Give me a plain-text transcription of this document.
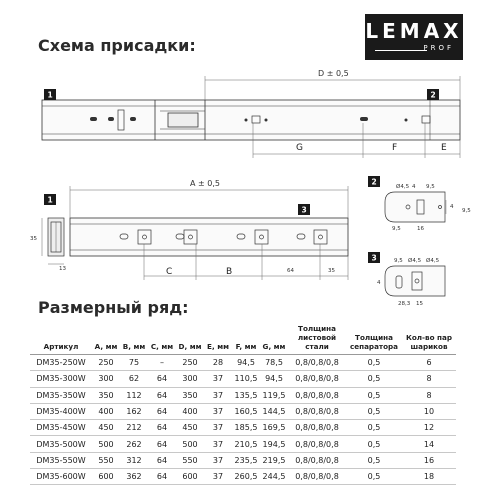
Схема присадки:
LEMAX
PROF
D ± 0,5
G	F	E
1	2
1
35
13
3
A ± 0,5
C	B	64	35
2
Ø4,5 4 9,5
9,5	16
9,5
4
3	9,5 Ø4,5 Ø4,5
4
28,3 15
Размерный ряд:
Артикул	A, мм	B, мм	C, мм	D, мм	E, мм	F, мм	G, мм	Толщина листовой стали	Толщина сепаратора	Кол-во пар шариков
DM35-250W	250	75	–	250	28	94,5	78,5	0,8/0,8/0,8	0,5	6
DM35-300W	300	62	64	300	37	110,5	94,5	0,8/0,8/0,8	0,5	8
DM35-350W	350	112	64	350	37	135,5	119,5	0,8/0,8/0,8	0,5	8
DM35-400W	400	162	64	400	37	160,5	144,5	0,8/0,8/0,8	0,5	10
DM35-450W	450	212	64	450	37	185,5	169,5	0,8/0,8/0,8	0,5	12
DM35-500W	500	262	64	500	37	210,5	194,5	0,8/0,8/0,8	0,5	14
DM35-550W	550	312	64	550	37	235,5	219,5	0,8/0,8/0,8	0,5	16
DM35-600W	600	362	64	600	37	260,5	244,5	0,8/0,8/0,8	0,5	18
